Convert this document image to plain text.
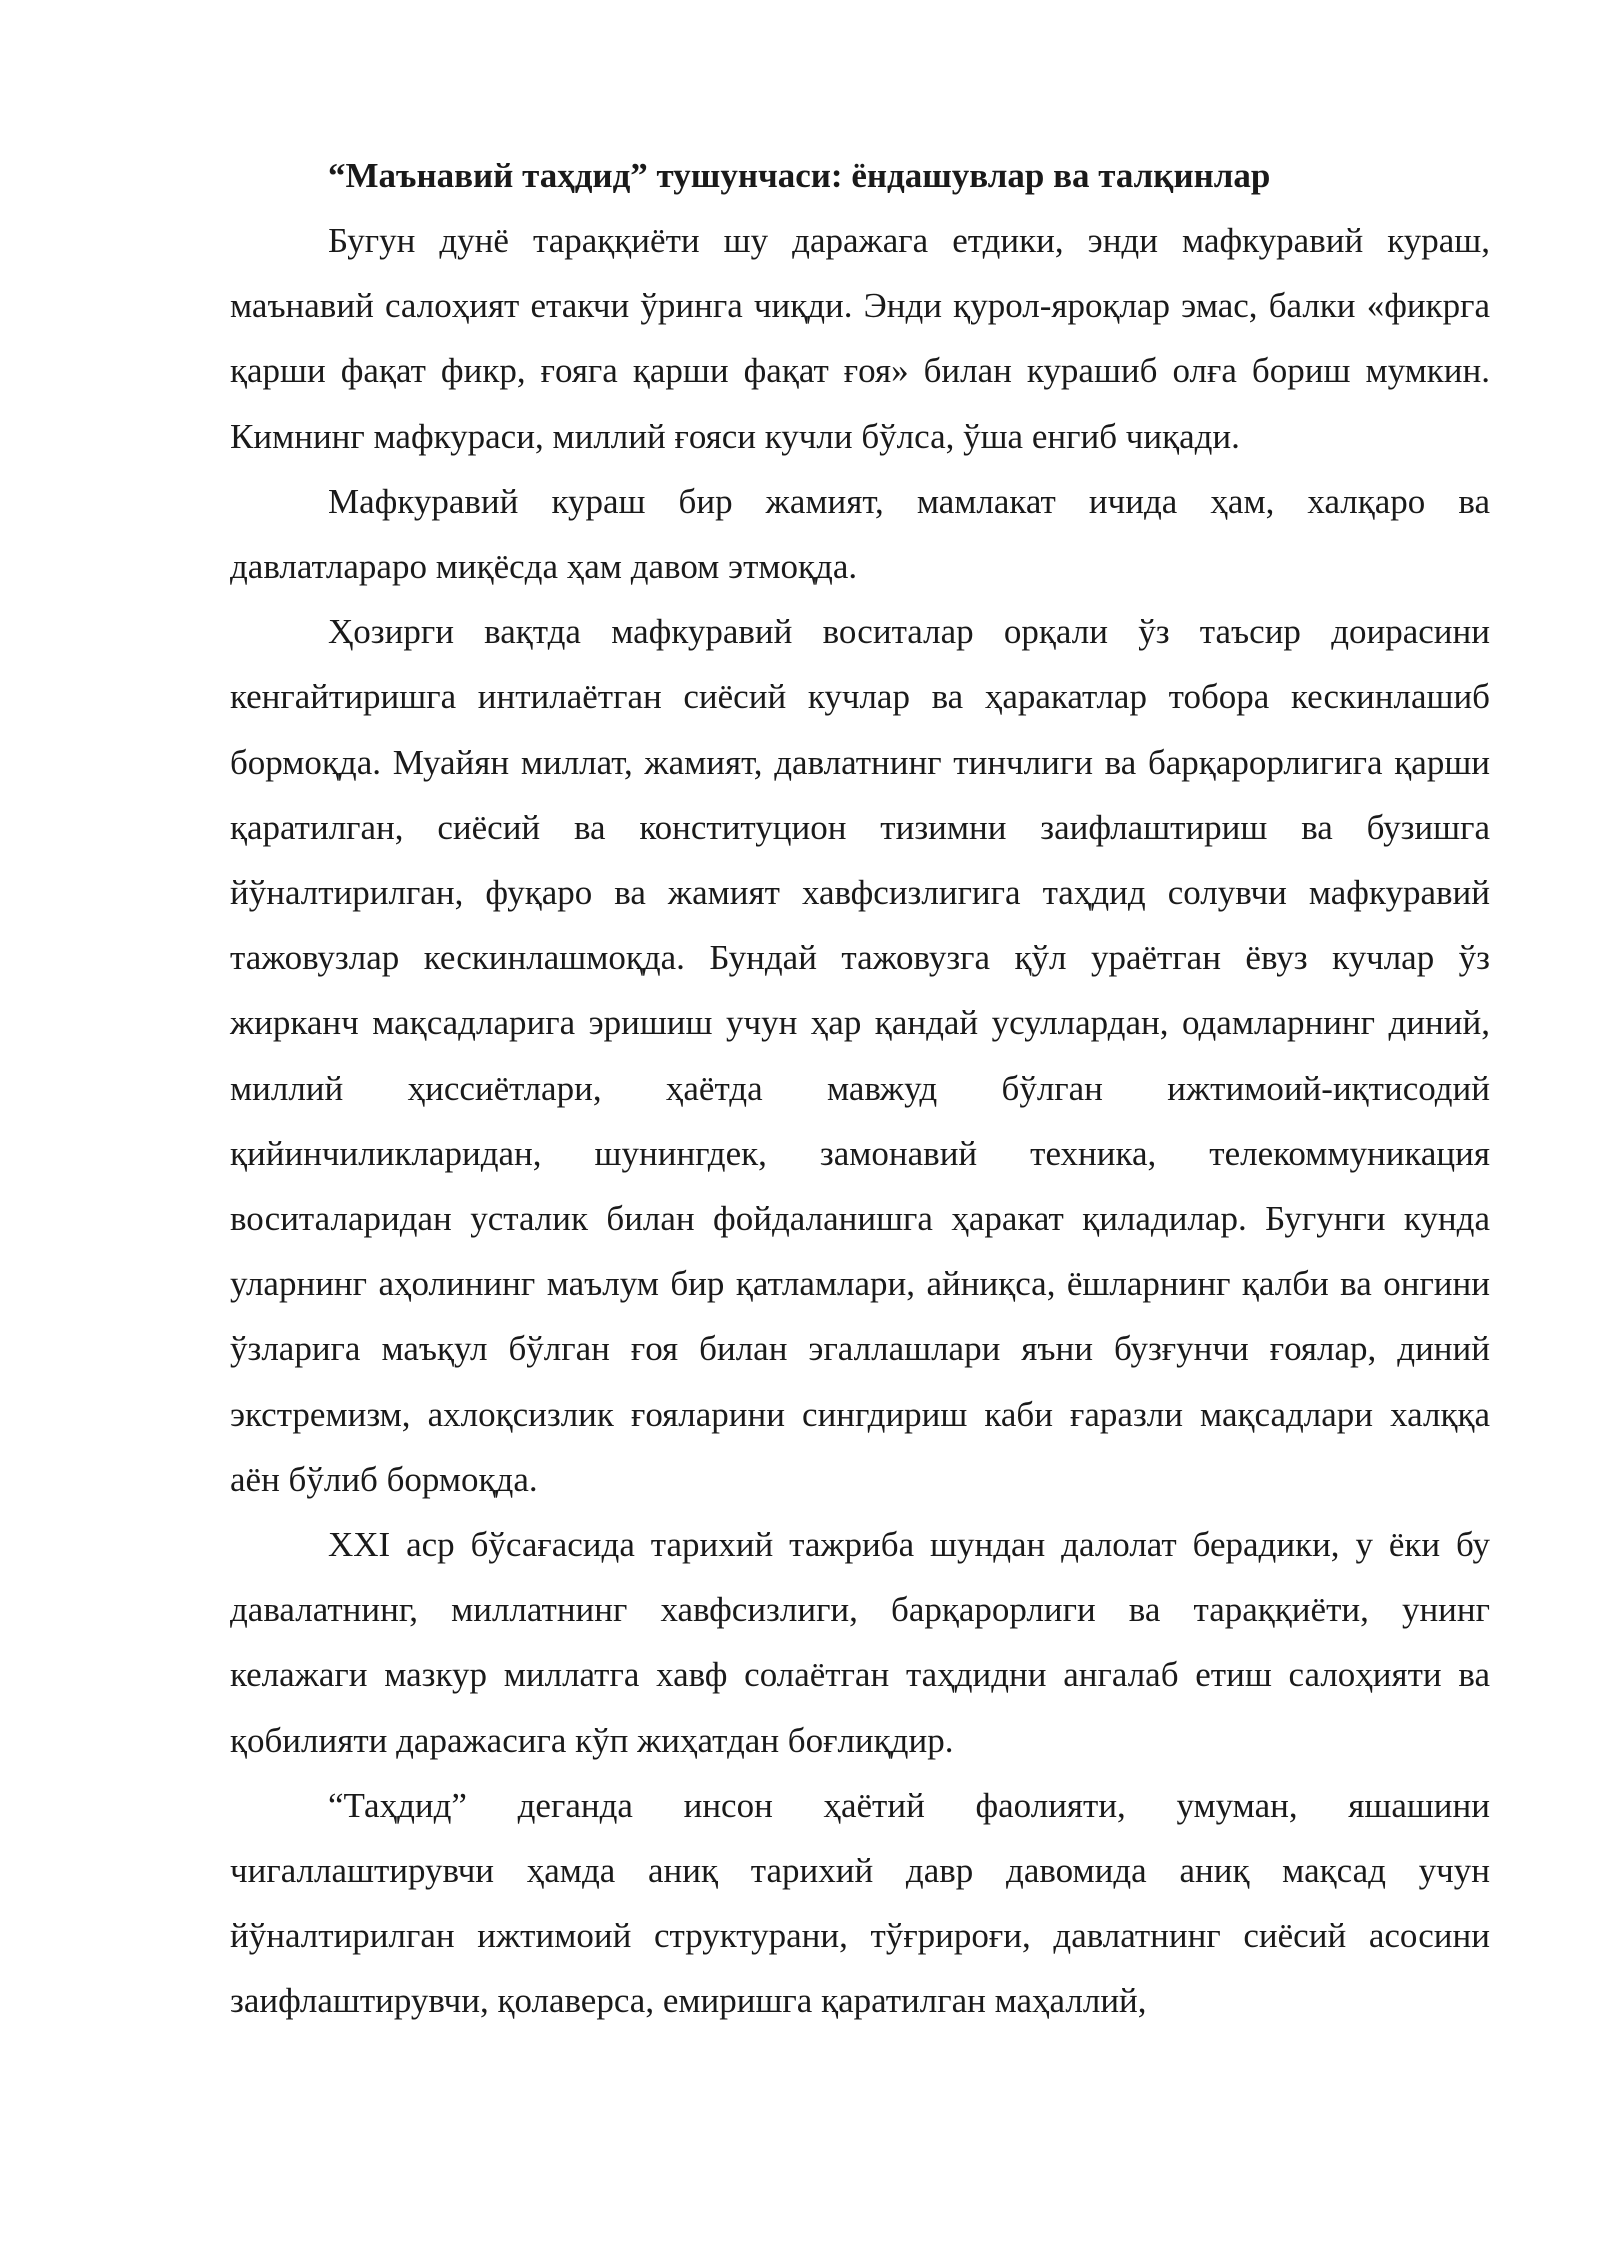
“Маънавий таҳдид” тушунчаси: ёндашувлар ва талқинлар

Бугун дунё тараққиёти шу даражага етдики, энди мафкуравий кураш, маънавий салоҳият етакчи ўринга чиқди. Энди қурол-яроқлар эмас, балки «фикрга қарши фақат фикр, ғояга қарши фақат ғоя» билан курашиб олға бориш мумкин. Кимнинг мафкураси, миллий ғояси кучли бўлса, ўша енгиб чиқади.

Мафкуравий кураш бир жамият, мамлакат ичида ҳам, халқаро ва давлатлараро миқёсда ҳам давом этмоқда.

Ҳозирги вақтда мафкуравий воситалар орқали ўз таъсир доирасини кенгайтиришга интилаётган сиёсий кучлар ва ҳаракатлар тобора кескинлашиб бормоқда. Муайян миллат, жамият, давлатнинг тинчлиги ва барқарорлигига қарши қаратилган, сиёсий ва конституцион тизимни заифлаштириш ва бузишга йўналтирилган, фуқаро ва жамият хавфсизлигига таҳдид солувчи мафкуравий тажовузлар кескинлашмоқда. Бундай тажовузга қўл ураётган ёвуз кучлар ўз жирканч мақсадларига эришиш учун ҳар қандай усуллардан, одамларнинг диний, миллий ҳиссиётлари, ҳаётда мавжуд бўлган ижтимоий-иқтисодий қийинчиликларидан, шунингдек, замонавий техника, телекоммуникация воситаларидан усталик билан фойдаланишга ҳаракат қиладилар. Бугунги кунда уларнинг аҳолининг маълум бир қатламлари, айниқса, ёшларнинг қалби ва онгини ўзларига маъқул бўлган ғоя билан эгаллашлари яъни бузғунчи ғоялар, диний экстремизм, ахлоқсизлик ғояларини сингдириш каби ғаразли мақсадлари халққа аён бўлиб бормоқда.

XXI аср бўсағасида тарихий тажриба шундан далолат берадики, у ёки бу давалатнинг, миллатнинг хавфсизлиги, барқарорлиги ва тараққиёти, унинг келажаги мазкур миллатга хавф солаётган таҳдидни ангалаб етиш салоҳияти ва қобилияти даражасига кўп жиҳатдан боғлиқдир.

“Таҳдид” деганда инсон ҳаётий фаолияти, умуман, яшашини чигаллаштирувчи ҳамда аниқ тарихий давр давомида аниқ мақсад учун йўналтирилган ижтимоий структурани, тўғрироғи, давлатнинг сиёсий асосини заифлаштирувчи, қолаверса, емиришга қаратилган маҳаллий,
